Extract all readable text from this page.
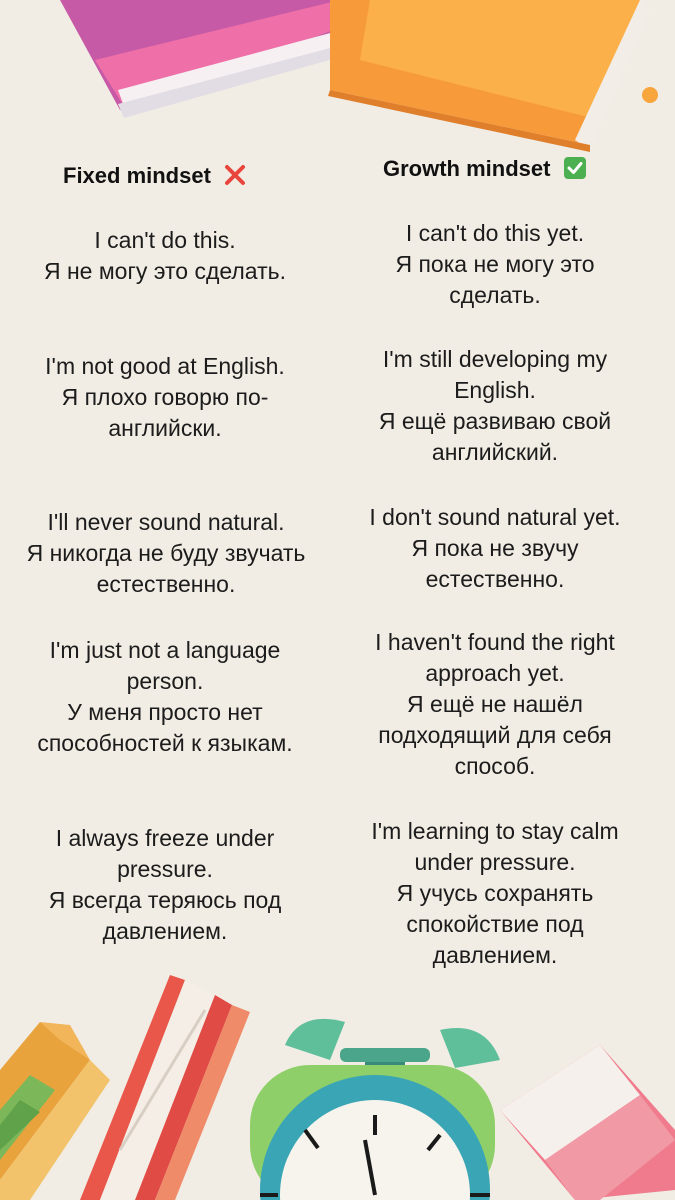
Fixed mindset	Growth mindset
I can't do this.
Я не могу это сделать.
I'm not good at English.
Я плохо говорю по-
английски.
I'll never sound natural.
Я никогда не буду звучать
естественно.
I'm just not a language
person.
У меня просто нет
способностей к языкам.
I always freeze under
pressure.
Я всегда теряюсь под
давлением.
I can't do this yet.
Я пока не могу это
сделать.
I'm still developing my
English.
Я ещё развиваю свой
английский.
I don't sound natural yet.
Я пока не звучу
естественно.
I haven't found the right
approach yet.
Я ещё не нашёл
подходящий для себя
способ.
I'm learning to stay calm
under pressure.
Я учусь сохранять
спокойствие под
давлением.
